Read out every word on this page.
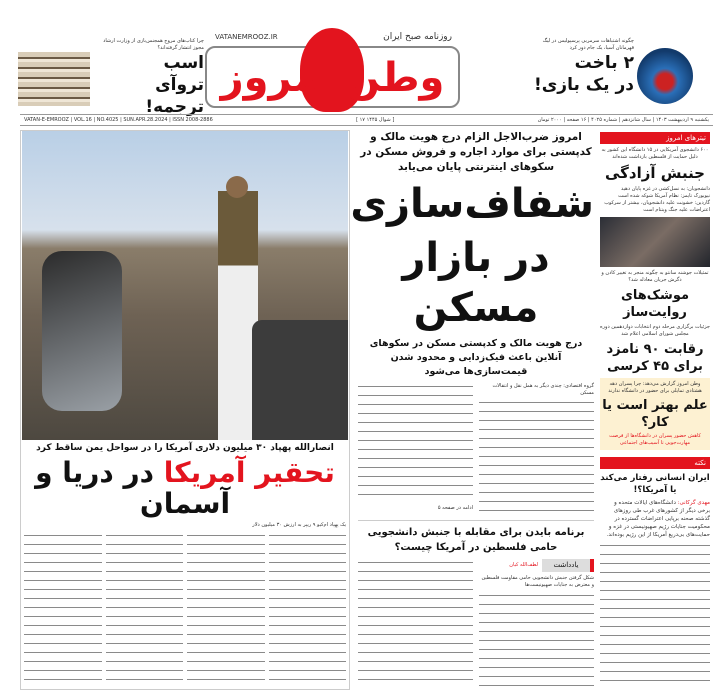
چرا کتاب‌های مروج همجنس‌بازی از وزارت ارشاد مجوز انتشار گرفته‌اند؟
اسب
تروآی ترجمه!
روزنامه صبح ایران
VATANEMROOZ.IR
وطن امروز
چگونه اشتباهات سرمربی پرسپولیس در لیگ قهرمانان آسیا، یک جام دور کرد
۲ باخت
در یک بازی!
VATAN-E-EMROOZ | VOL.16 | NO.4025 | SUN.APR.28.2024 | ISSN 2008-2886	[ ۱۷ شوال ۱۴۴۵ ]	یکشنبه ۹ اردیبهشت ۱۴۰۳ | سال شانزدهم | شماره ۴۰۲۵ | ۱۶ صفحه | ۲۰۰۰ تومان
انصارالله پهپاد ۳۰ میلیون دلاری آمریکا را در سواحل یمن ساقط کرد
تحقیر آمریکا در دریا و آسمان
یک پهپاد ام‌کیو ۹ ریپر به ارزش ۳۰ میلیون دلار
امروز ضرب‌الاجل الزام درج هویت مالک و کدپستی برای موارد اجاره و فروش مسکن در سکوهای اینترنتی پایان می‌یابد
شفاف‌سازی
در بازار مسکن
درج هویت مالک و کدپستی مسکن در سکوهای آنلاین باعث فیک‌زدایی و محدود شدن قیمت‌سازی‌ها می‌شود
ادامه در صفحه ۵
گروه اقتصادی: چندی دیگر به همل نقل و انتقالات مسکن
برنامه بایدن برای مقابله با جنبش دانشجویی حامی فلسطین در آمریکا چیست؟
یادداشت
لطف‌الله کیان
شکل گرفتن جنبش دانشجویی حامی مقاومت فلسطین و معترض به جنایات صهیونیست‌ها
تیترهای امروز
۶۰۰ دانشجوی آمریکایی در ۱۵ دانشگاه این کشور به دلیل حمایت از فلسطین بازداشت شده‌اند
جنبش آزادگی
دانشجویان: به نسل‌کشی در غزه پایان دهید
نیویورک تایمز: نظام آمریکا شوکه شده است
گاردین: خشونت علیه دانشجویان، بیشتر از سرکوب اعتراضات علیه جنگ ویتنام است
تمثیلات جوشنه سانتو به چگونه منجر به تغییر کادن و دگرش جریان معادله شد؟
موشک‌های روایت‌ساز
جزئیات برگزاری مرحله دوم انتخابات دوازدهمین دوره مجلس شورای اسلامی اعلام شد
رقابت ۹۰ نامزد برای ۴۵ کرسی
وطن امروز گزارش می‌دهد: چرا پسران دهه هشتادی تمایلی برای حضور در دانشگاه ندارند
علم بهتر است یا کار؟
کاهش حضور پسران در دانشگاه‌ها از فرصت مهارت‌جویی تا آسیب‌های اجتماعی
نکته
ایران انسانی رفتار می‌کند یا آمریکا؟!
مهدی گرکانی: دانشگاه‌های ایالات متحده و برخی دیگر از کشورهای غرب طی روزهای گذشته صحنه برپایی اعتراضات گسترده در محکومیت جنایات رژیم صهیونیستی در غزه و حمایت‌های بی‌دریغ آمریکا از این رژیم بوده‌اند.
